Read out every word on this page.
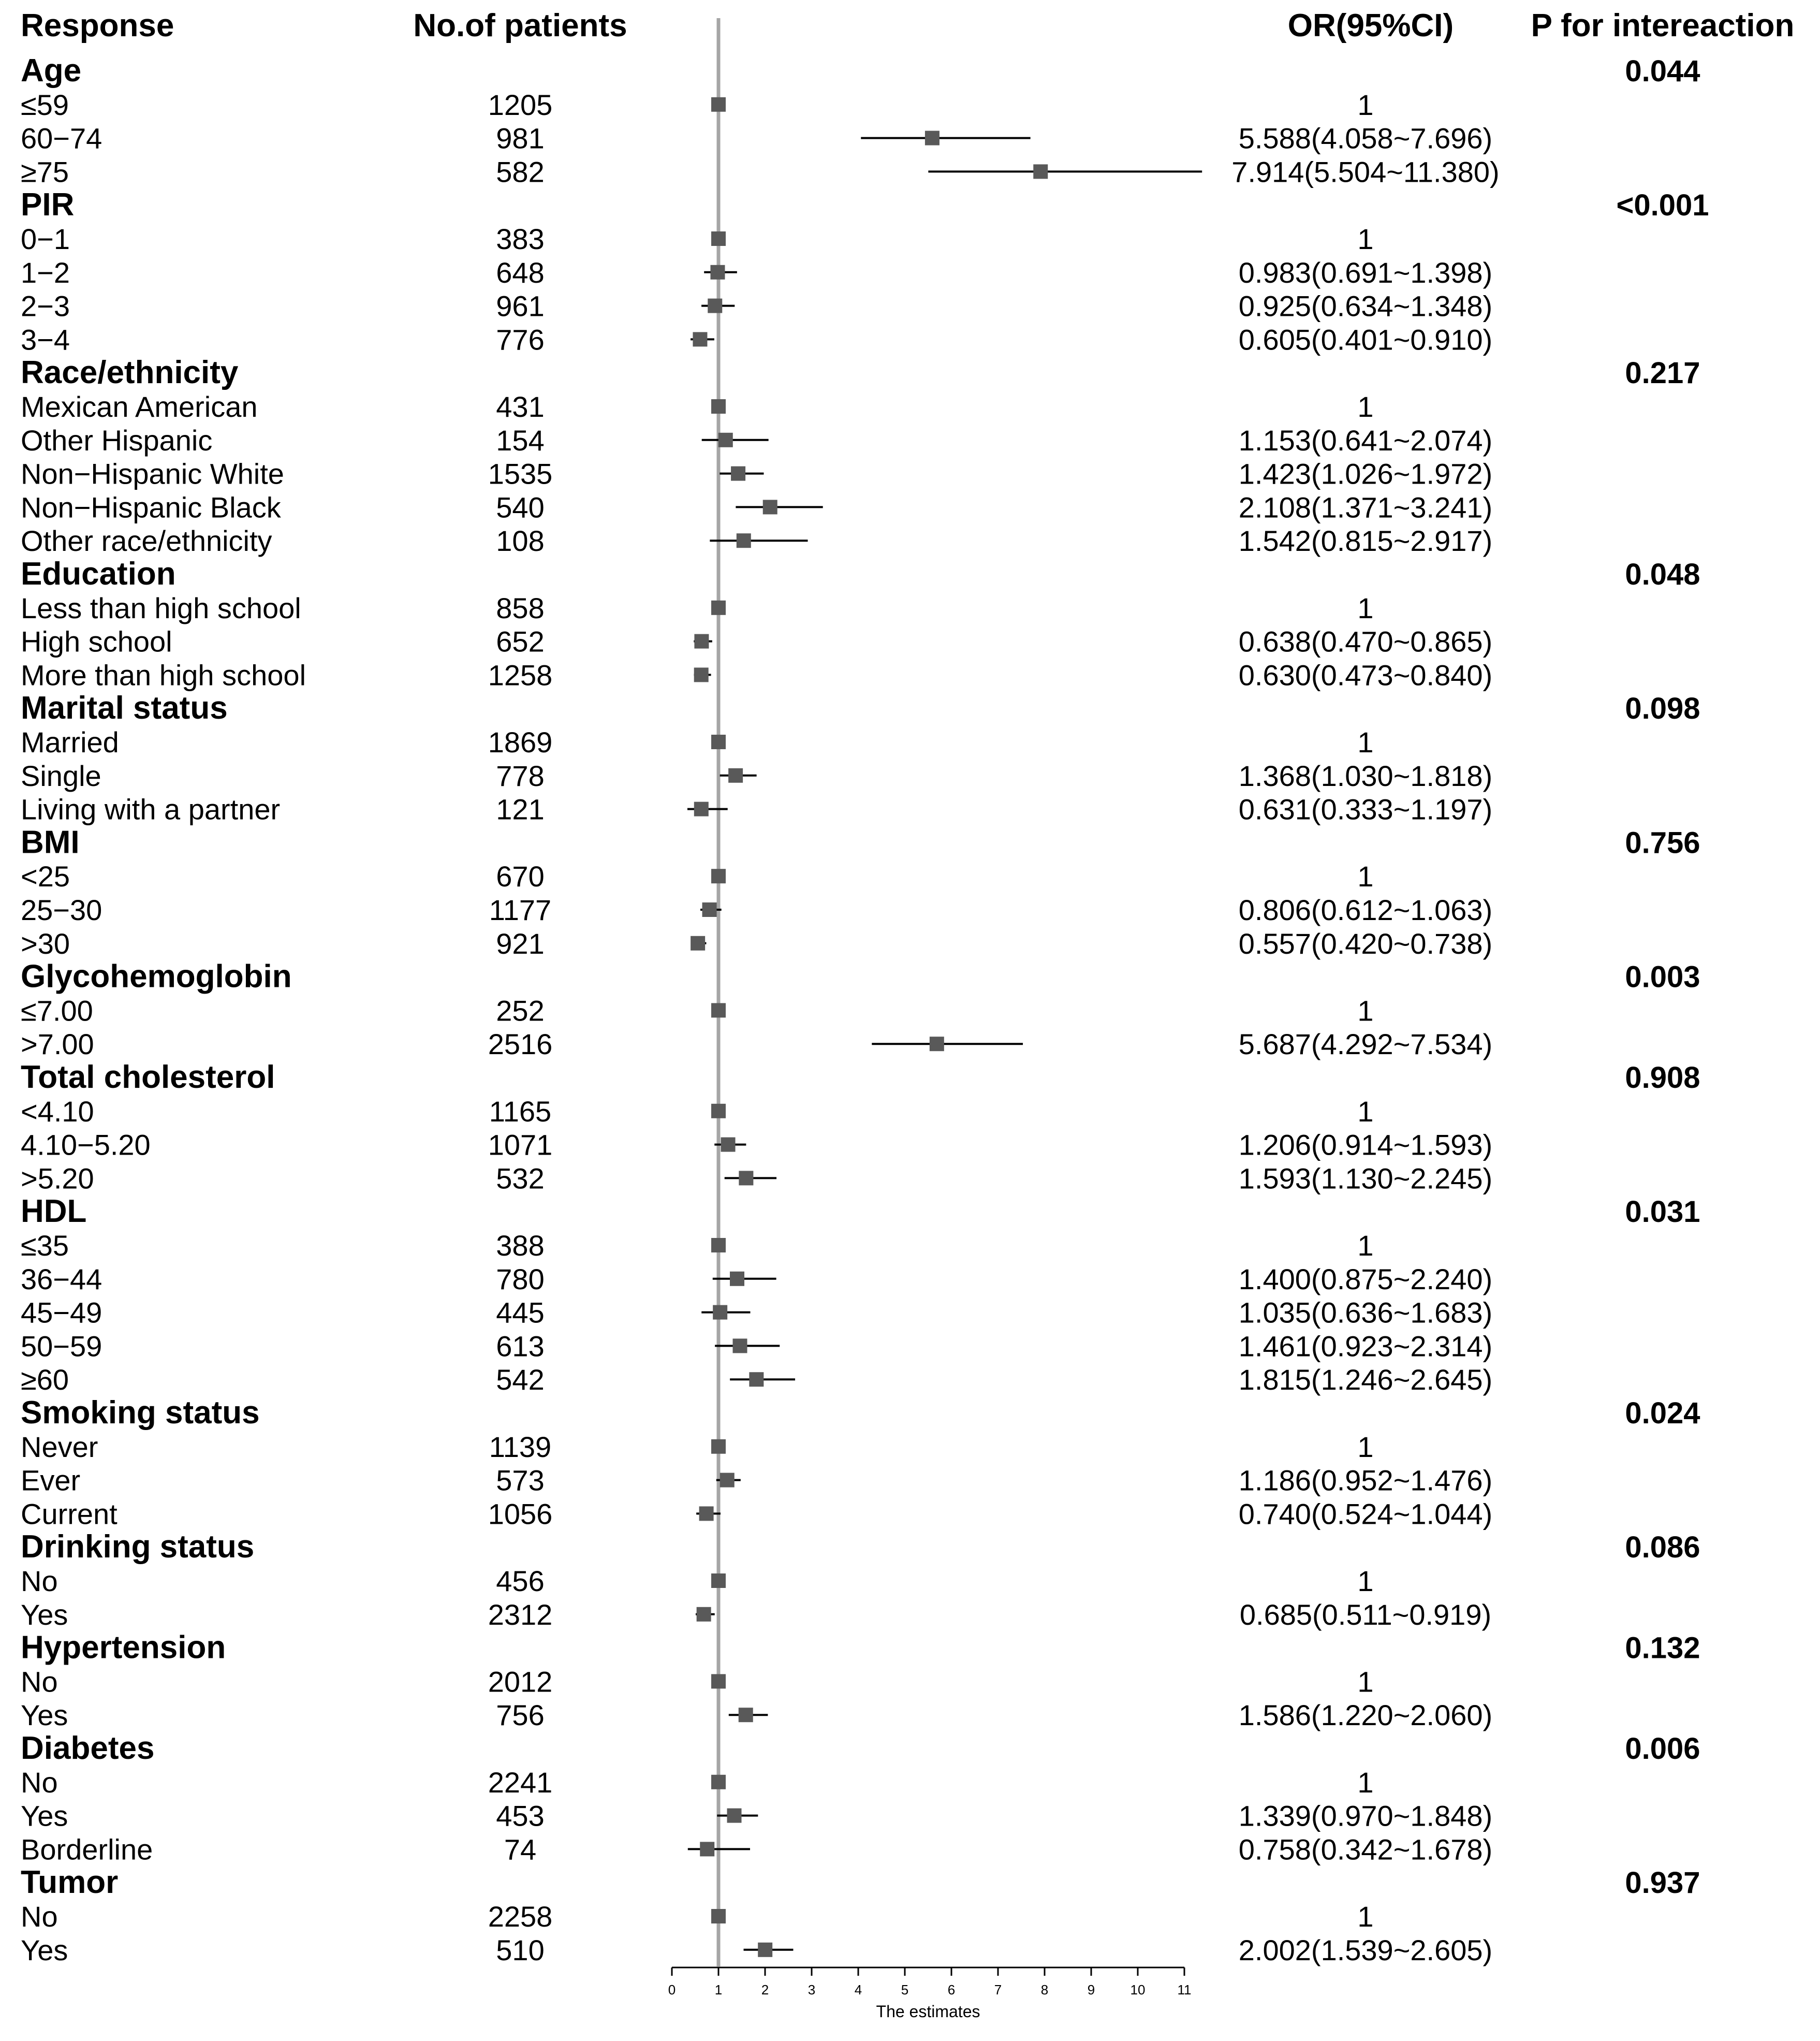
Response	No.of patients	OR(95%CI) P for intereaction
Age	0.044
≤59	1205	1
60−74	981	5.588(4.058~7.696)
≥75	582	7.914(5.504~11.380)
PIR	<0.001
0−1	383	1
1−2	648	0.983(0.691~1.398)
2−3	961	0.925(0.634~1.348)
3−4	776	0.605(0.401~0.910)
Race/ethnicity	0.217
Mexican American	431	1
Other Hispanic	154	1.153(0.641~2.074)
Non−Hispanic White	1535	1.423(1.026~1.972)
Non−Hispanic Black	540	2.108(1.371~3.241)
Other race/ethnicity	108	1.542(0.815~2.917)
Education	0.048
Less than high school	858	1
High school	652	0.638(0.470~0.865)
More than high school	1258	0.630(0.473~0.840)
Marital status	0.098
Married	1869	1
Single	778	1.368(1.030~1.818)
Living with a partner	121	0.631(0.333~1.197)
BMI	0.756
<25	670	1
25−30	1177	0.806(0.612~1.063)
>30	921	0.557(0.420~0.738)
Glycohemoglobin	0.003
≤7.00	252	1
>7.00	2516	5.687(4.292~7.534)
Total cholesterol	0.908
<4.10	1165	1
4.10−5.20	1071	1.206(0.914~1.593)
>5.20	532	1.593(1.130~2.245)
HDL	0.031
≤35	388	1
36−44	780	1.400(0.875~2.240)
45−49	445	1.035(0.636~1.683)
50−59	613	1.461(0.923~2.314)
≥60	542	1.815(1.246~2.645)
Smoking status	0.024
Never	1139	1
Ever	573	1.186(0.952~1.476)
Current	1056	0.740(0.524~1.044)
Drinking status	0.086
No	456	1
Yes	2312	0.685(0.511~0.919)
Hypertension	0.132
No	2012	1
Yes	756	1.586(1.220~2.060)
Diabetes	0.006
No	2241	1
Yes	453	1.339(0.970~1.848)
Borderline	74	0.758(0.342~1.678)
Tumor	0.937
No	2258	1
Yes	510	2.002(1.539~2.605)
0	1	2	3	4	5	6	7	8	9	10 11
The estimates
